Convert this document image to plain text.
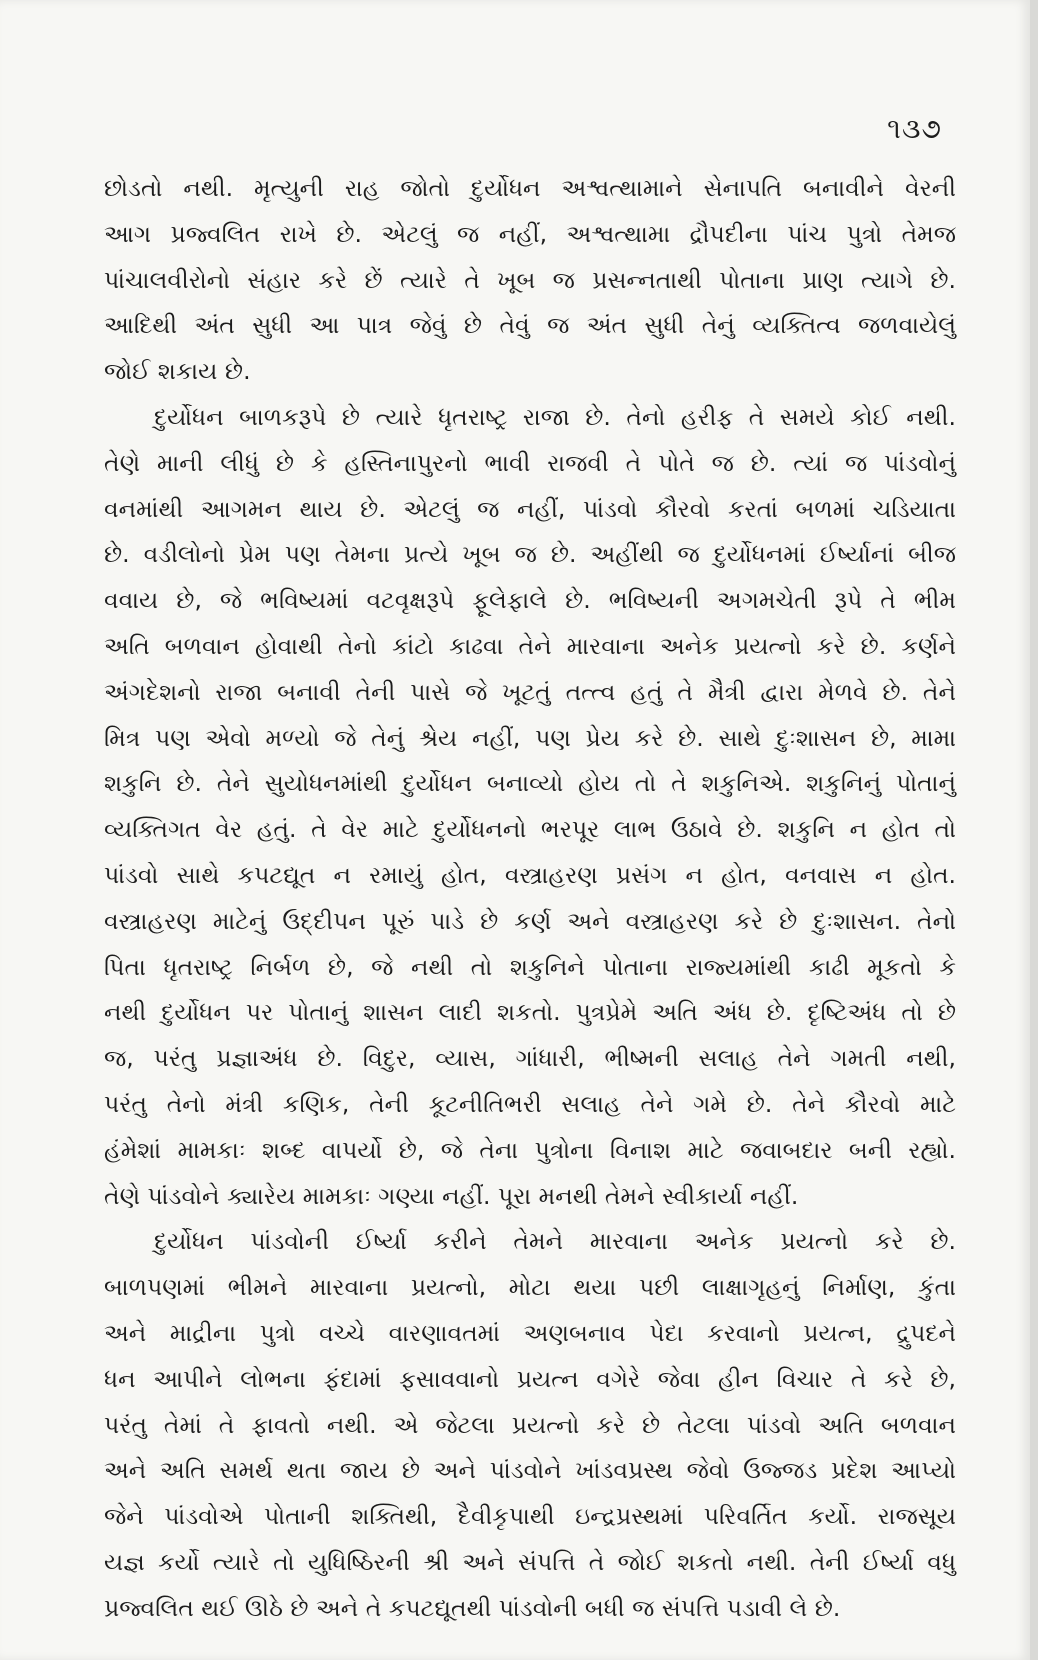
૧૩૭
છોડતો નથી. મૃત્યુની રાહ જોતો દુર્યોધન અશ્વત્થામાને સેનાપતિ બનાવીને વેરની
આગ પ્રજ્વલિત રાખે છે. એટલું જ નહીં, અશ્વત્થામા દ્રૌપદીના પાંચ પુત્રો તેમજ
પાંચાલવીરોનો સંહાર કરે છેં ત્યારે તે ખૂબ જ પ્રસન્નતાથી પોતાના પ્રાણ ત્યાગે છે.
આદિથી અંત સુધી આ પાત્ર જેવું છે તેવું જ અંત સુધી તેનું વ્યક્તિત્વ જળવાયેલું
જોઈ શકાય છે.
દુર્યોધન બાળકરૂપે છે ત્યારે ધૃતરાષ્ટ્ર રાજા છે. તેનો હરીફ તે સમયે કોઈ નથી.
તેણે માની લીધું છે કે હસ્તિનાપુરનો ભાવી રાજવી તે પોતે જ છે. ત્યાં જ પાંડવોનું
વનમાંથી આગમન થાય છે. એટલું જ નહીં, પાંડવો કૌરવો કરતાં બળમાં ચડિયાતા
છે. વડીલોનો પ્રેમ પણ તેમના પ્રત્યે ખૂબ જ છે. અહીંથી જ દુર્યોધનમાં ઈર્ષ્યાનાં બીજ
વવાય છે, જે ભવિષ્યમાં વટવૃક્ષરૂપે ફૂલેફાલે છે. ભવિષ્યની અગમચેતી રૂપે તે ભીમ
અતિ બળવાન હોવાથી તેનો કાંટો કાઢવા તેને મારવાના અનેક પ્રયત્નો કરે છે. કર્ણને
અંગદેશનો રાજા બનાવી તેની પાસે જે ખૂટતું તત્ત્વ હતું તે મૈત્રી દ્વારા મેળવે છે. તેને
મિત્ર પણ એવો મળ્યો જે તેનું શ્રેય નહીં, પણ પ્રેય કરે છે. સાથે દુઃશાસન છે, મામા
શકુનિ છે. તેને સુયોધનમાંથી દુર્યોધન બનાવ્યો હોય તો તે શકુનિએ. શકુનિનું પોતાનું
વ્યક્તિગત વેર હતું. તે વેર માટે દુર્યોધનનો ભરપૂર લાભ ઉઠાવે છે. શકુનિ ન હોત તો
પાંડવો સાથે કપટદ્યૂત ન રમાયું હોત, વસ્ત્રાહરણ પ્રસંગ ન હોત, વનવાસ ન હોત.
વસ્ત્રાહરણ માટેનું ઉદ્દીપન પૂરું પાડે છે કર્ણ અને વસ્ત્રાહરણ કરે છે દુઃશાસન. તેનો
પિતા ધૃતરાષ્ટ્ર નિર્બળ છે, જે નથી તો શકુનિને પોતાના રાજ્યમાંથી કાઢી મૂકતો કે
નથી દુર્યોધન પર પોતાનું શાસન લાદી શકતો. પુત્રપ્રેમે અતિ અંધ છે. દૃષ્ટિઅંધ તો છે
જ, પરંતુ પ્રજ્ઞાઅંધ છે. વિદુર, વ્યાસ, ગાંધારી, ભીષ્મની સલાહ તેને ગમતી નથી,
પરંતુ તેનો મંત્રી કણિક, તેની કૂટનીતિભરી સલાહ તેને ગમે છે. તેને કૌરવો માટે
હંમેશાં મામકાઃ શબ્દ વાપર્યો છે, જે તેના પુત્રોના વિનાશ માટે જવાબદાર બની રહ્યો.
તેણે પાંડવોને ક્યારેય મામકાઃ ગણ્યા નહીં. પૂરા મનથી તેમને સ્વીકાર્યા નહીં.
દુર્યોધન પાંડવોની ઈર્ષ્યા કરીને તેમને મારવાના અનેક પ્રયત્નો કરે છે.
બાળપણમાં ભીમને મારવાના પ્રયત્નો, મોટા થયા પછી લાક્ષાગૃહનું નિર્માણ, કુંતા
અને માદ્રીના પુત્રો વચ્ચે વારણાવતમાં અણબનાવ પેદા કરવાનો પ્રયત્ન, દ્રુપદને
ધન આપીને લોભના ફંદામાં ફસાવવાનો પ્રયત્ન વગેરે જેવા હીન વિચાર તે કરે છે,
પરંતુ તેમાં તે ફાવતો નથી. એ જેટલા પ્રયત્નો કરે છે તેટલા પાંડવો અતિ બળવાન
અને અતિ સમર્થ થતા જાય છે અને પાંડવોને ખાંડવપ્રસ્થ જેવો ઉજ્જડ પ્રદેશ આપ્યો
જેને પાંડવોએ પોતાની શક્તિથી, દૈવીકૃપાથી ઇન્દ્રપ્રસ્થમાં પરિવર્તિત કર્યો. રાજસૂય
યજ્ઞ કર્યો ત્યારે તો યુધિષ્ઠિરની શ્રી અને સંપત્તિ તે જોઈ શકતો નથી. તેની ઈર્ષ્યા વધુ
પ્રજ્વલિત થઈ ઊઠે છે અને તે કપટદ્યૂતથી પાંડવોની બધી જ સંપત્તિ પડાવી લે છે.
